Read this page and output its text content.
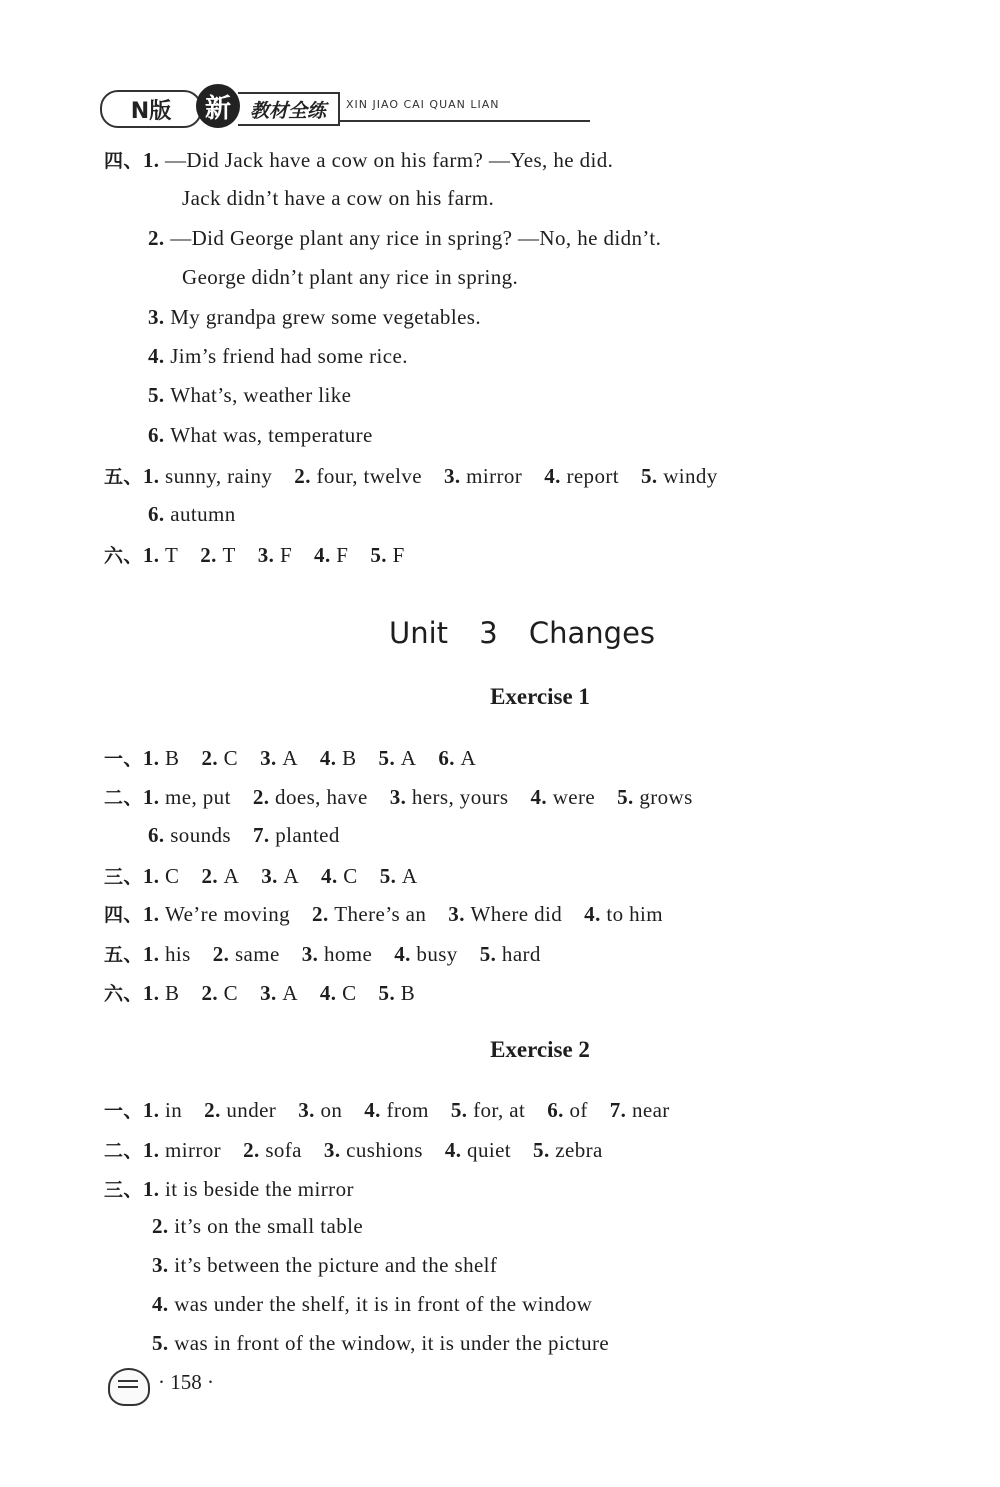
N版	新 教材全练	XIN JIAO CAI QUAN LIAN
四、1 . —Did Jack have a cow on his farm? —Yes, he did.
Jack didn’t have a cow on his farm.
2 . —Did George plant any rice in spring? —No, he didn’t.
George didn’t plant any rice in spring.
3 . My grandpa grew some vegetables.
4 . Jim’s friend had some rice.
5 . What’s, weather like
6 . What was, temperature
五、1 . sunny, rainy 2 . four, twelve 3 . mirror 4 . report 5 . windy
6 . autumn
六、1 . T 2 . T 3 . F 4 . F 5 . F
Unit 3 Changes
Exercise 1
一、1 . B 2 . C 3 . A 4 . B 5 . A 6 . A
二、1 . me, put 2 . does, have 3 . hers, yours 4 . were 5 . grows
6 . sounds 7 . planted
三、1 . C 2 . A 3 . A 4 . C 5 . A
四、1 . We’re moving 2 . There’s an 3 . Where did 4 . to him
五、1 . his 2 . same 3 . home 4 . busy 5 . hard
六、1 . B 2 . C 3 . A 4 . C 5 . B
Exercise 2
一、1 . in 2 . under 3 . on 4 . from 5 . for, at 6 . of 7 . near
二、1 . mirror 2 . sofa 3 . cushions 4 . quiet 5 . zebra
三、1 . it is beside the mirror
2 . it’s on the small table
3 . it’s between the picture and the shelf
4 . was under the shelf, it is in front of the window
5 . was in front of the window, it is under the picture
· 158 ·
